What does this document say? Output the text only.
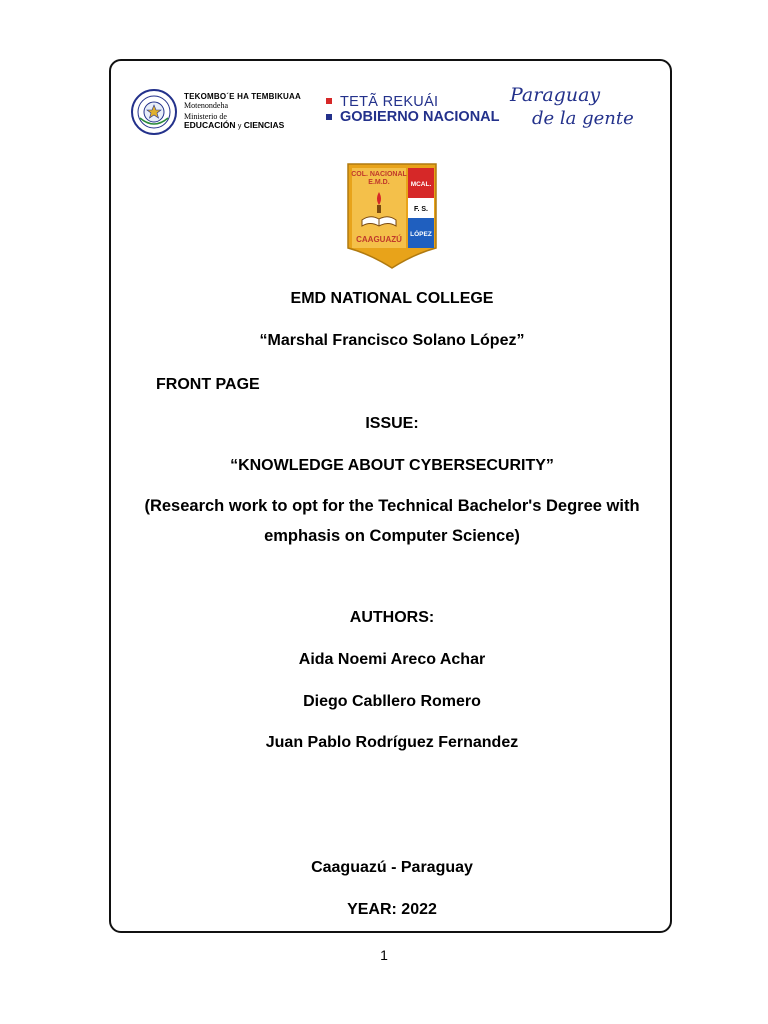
TEKOMBO´E HA TEMBIKUAA
Motenondeha
Ministerio de
EDUCACIÓN y CIENCIAS
TETÃ REKUÁI
GOBIERNO NACIONAL
Paraguay
de la gente
COL. NACIONAL
E.M.D.	MCAL.
F. S.
LÓPEZ
CAAGUAZÚ
EMD NATIONAL COLLEGE
“Marshal Francisco Solano López”
FRONT PAGE
ISSUE:
“KNOWLEDGE ABOUT CYBERSECURITY”
(Research work to opt for the Technical Bachelor's Degree with
emphasis on Computer Science)
AUTHORS:
Aida Noemi Areco Achar
Diego Cabllero Romero
Juan Pablo Rodríguez Fernandez
Caaguazú - Paraguay
YEAR: 2022
1
